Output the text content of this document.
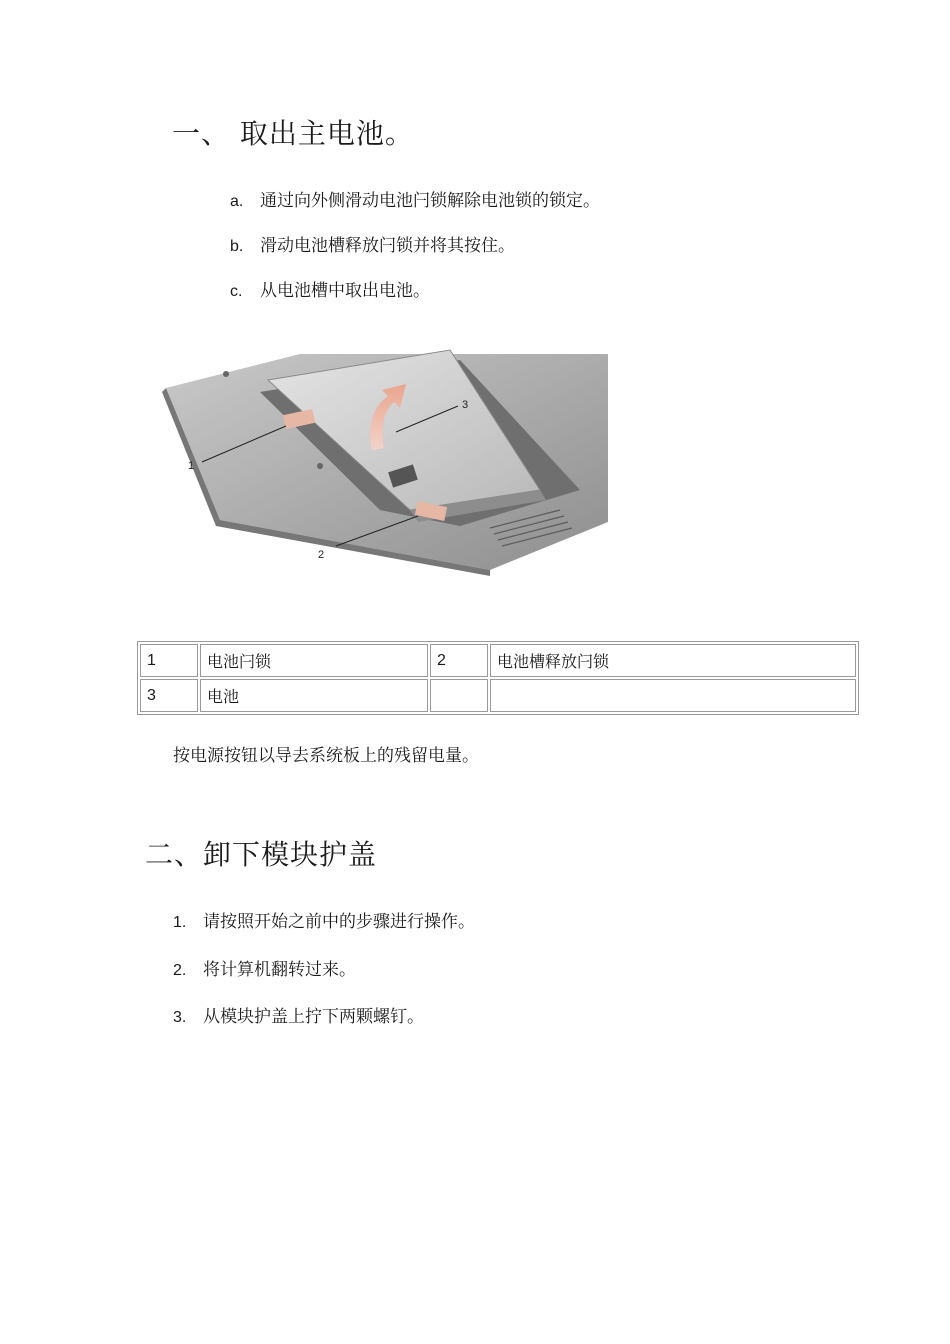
一、 取出主电池。
a. 通过向外侧滑动电池闩锁解除电池锁的锁定。
b. 滑动电池槽释放闩锁并将其按住。
c.	从电池槽中取出电池。
1
2
3
1	电池闩锁	2	电池槽释放闩锁
3	电池		
按电源按钮以导去系统板上的残留电量。
二、卸下模块护盖
1. 请按照开始之前中的步骤进行操作。
2. 将计算机翻转过来。
3. 从模块护盖上拧下两颗螺钉。
